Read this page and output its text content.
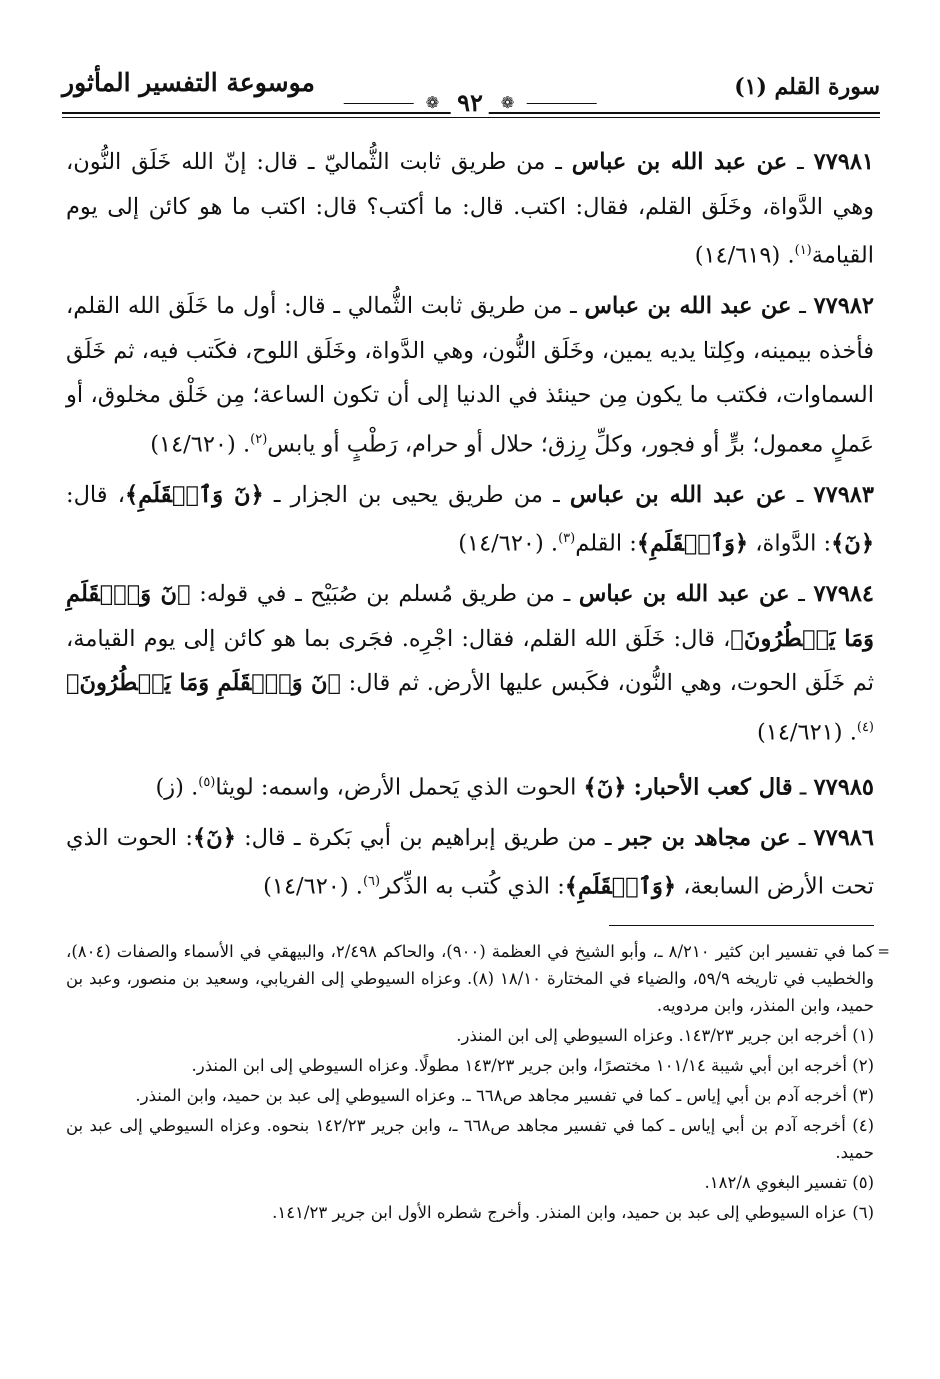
سورة القلم (١)
موسوعة التفسير المأثور
❁
٩٢
❁

٧٧٩٨١ ـ عن عبد الله بن عباس ـ من طريق ثابت الثُّماليّ ـ قال: إنّ الله خَلَق النُّون، وهي الدَّواة، وخَلَق القلم، فقال: اكتب. قال: ما أكتب؟ قال: اكتب ما هو كائن إلى يوم القيامة$^{(١)}$. (١٤/٦١٩)

٧٧٩٨٢ ـ عن عبد الله بن عباس ـ من طريق ثابت الثُّمالي ـ قال: أول ما خَلَق الله القلم، فأخذه بيمينه، وكِلتا يديه يمين، وخَلَق النُّون، وهي الدَّواة، وخَلَق اللوح، فكَتب فيه، ثم خَلَق السماوات، فكتب ما يكون مِن حينئذ في الدنيا إلى أن تكون الساعة؛ مِن خَلْق مخلوق، أو عَملٍ معمول؛ برٍّ أو فجور، وكلِّ رِزق؛ حلال أو حرام، رَطْبٍ أو يابس$^{(٢)}$. (١٤/٦٢٠)

٧٧٩٨٣ ـ عن عبد الله بن عباس ـ من طريق يحيى بن الجزار ـ ﴿نٓ وَٱلۡقَلَمِ﴾، قال: ﴿نٓ﴾: الدَّواة، ﴿وَٱلۡقَلَمِ﴾: القلم$^{(٣)}$. (١٤/٦٢٠)

٧٧٩٨٤ ـ عن عبد الله بن عباس ـ من طريق مُسلم بن صُبَيْح ـ في قوله: ﴿نٓ وَٱلۡقَلَمِ وَمَا يَسۡطُرُونَ﴾، قال: خَلَق الله القلم، فقال: اجْرِه. فجَرى بما هو كائن إلى يوم القيامة، ثم خَلَق الحوت، وهي النُّون، فكَبس عليها الأرض. ثم قال: ﴿نٓ وَٱلۡقَلَمِ وَمَا يَسۡطُرُونَ﴾$^{(٤)}$. (١٤/٦٢١)

٧٧٩٨٥ ـ قال كعب الأحبار: ﴿نٓ﴾ الحوت الذي يَحمل الأرض، واسمه: لويثا$^{(٥)}$. (ز)

٧٧٩٨٦ ـ عن مجاهد بن جبر ـ من طريق إبراهيم بن أبي بَكرة ـ قال: ﴿نٓ﴾: الحوت الذي تحت الأرض السابعة، ﴿وَٱلۡقَلَمِ﴾: الذي كُتب به الذِّكر$^{(٦)}$. (١٤/٦٢٠)

= كما في تفسير ابن كثير ٨/٢١٠ ـ، وأبو الشيخ في العظمة (٩٠٠)، والحاكم ٢/٤٩٨، والبيهقي في الأسماء والصفات (٨٠٤)، والخطيب في تاريخه ٥٩/٩، والضياء في المختارة ١٨/١٠ (٨). وعزاه السيوطي إلى الفريابي، وسعيد بن منصور، وعبد بن حميد، وابن المنذر، وابن مردويه.

(١) أخرجه ابن جرير ١٤٣/٢٣. وعزاه السيوطي إلى ابن المنذر.

(٢) أخرجه ابن أبي شيبة ١٠١/١٤ مختصرًا، وابن جرير ١٤٣/٢٣ مطولًا. وعزاه السيوطي إلى ابن المنذر.

(٣) أخرجه آدم بن أبي إياس ـ كما في تفسير مجاهد ص٦٦٨ ـ. وعزاه السيوطي إلى عبد بن حميد، وابن المنذر.

(٤) أخرجه آدم بن أبي إياس ـ كما في تفسير مجاهد ص٦٦٨ ـ، وابن جرير ١٤٢/٢٣ بنحوه. وعزاه السيوطي إلى عبد بن حميد.

(٥) تفسير البغوي ١٨٢/٨.

(٦) عزاه السيوطي إلى عبد بن حميد، وابن المنذر. وأخرج شطره الأول ابن جرير ١٤١/٢٣.
